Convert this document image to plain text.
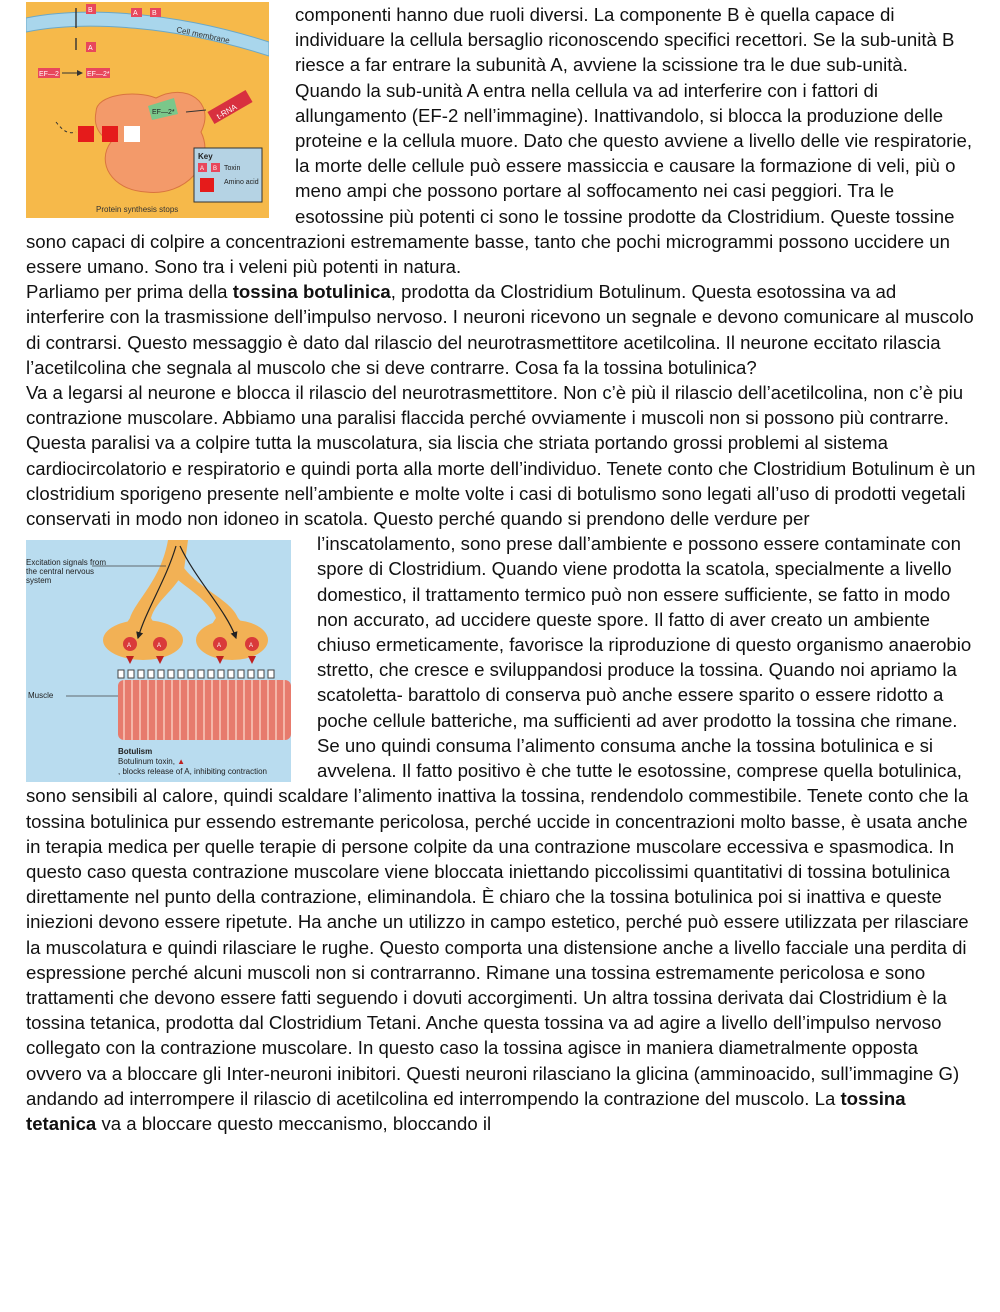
Cell membrane
B	A B
A
EF—2	EF—2*
EF—2*	t-RNA
Key
A B Toxin
Amino acid
Protein synthesis stops

componenti hanno due ruoli diversi. La componente B è quella capace di individuare la cellula bersaglio riconoscendo specifici recettori. Se la sub-unità B riesce a far entrare la subunità A, avviene la scissione tra le due sub-unità. Quando la sub-unità A entra nella cellula va ad interferire con i fattori di allungamento (EF-2 nell’immagine). Inattivandolo, si blocca la produzione delle proteine e la cellula muore. Dato che questo avviene a livello delle vie respiratorie, la morte delle cellule può essere massiccia e causare la formazione di veli, più o meno ampi che possono portare al soffocamento nei casi peggiori. Tra le esotossine più potenti ci sono le tossine prodotte da Clostridium. Queste tossine sono capaci di colpire a concentrazioni estremamente basse, tanto che pochi microgrammi possono uccidere un essere umano. Sono tra i veleni più potenti in natura.

Parliamo per prima della tossina botulinica, prodotta da Clostridium Botulinum. Questa esotossina va ad interferire con la trasmissione dell’impulso nervoso. I neuroni ricevono un segnale e devono comunicare al muscolo di contrarsi. Questo messaggio è dato dal rilascio del neurotrasmettitore acetilcolina. Il neurone eccitato rilascia l’acetilcolina che segnala al muscolo che si deve contrarre. Cosa fa la tossina botulinica?

Va a legarsi al neurone e blocca il rilascio del neurotrasmettitore. Non c’è più il rilascio dell’acetilcolina, non c’è piu contrazione muscolare. Abbiamo una paralisi flaccida perché ovviamente i muscoli non si possono più contrarre. Questa paralisi va a colpire tutta la muscolatura, sia liscia che striata portando grossi problemi al sistema cardiocircolatorio e respiratorio e quindi porta alla morte dell’individuo. Tenete conto che Clostridium Botulinum è un clostridium sporigeno presente nell’ambiente e molte volte i casi di botulismo sono legati all’uso di prodotti vegetali conservati in modo non idoneo in scatola. Questo perché quando si prendono delle verdure per

A	A	A	A
Muscle
Excitation signals from the central nervous system
Botulism
Botulinum toxin, ▲
, blocks release of A, inhibiting contraction

l’inscatolamento, sono prese dall’ambiente e possono essere contaminate con spore di Clostridium. Quando viene prodotta la scatola, specialmente a livello domestico, il trattamento termico può non essere sufficiente, se fatto in modo non accurato, ad uccidere queste spore. Il fatto di aver creato un ambiente chiuso ermeticamente, favorisce la riproduzione di questo organismo anaerobio stretto, che cresce e sviluppandosi produce la tossina. Quando noi apriamo la scatoletta- barattolo di conserva può anche essere sparito o essere ridotto a poche cellule batteriche, ma sufficienti ad aver prodotto la tossina che rimane. Se uno quindi consuma l’alimento consuma anche la tossina botulinica e si avvelena. Il fatto positivo è che tutte le esotossine, comprese quella botulinica, sono sensibili al calore, quindi scaldare l’alimento inattiva la tossina, rendendolo commestibile. Tenete conto che la tossina botulinica pur essendo estremante pericolosa, perché uccide in concentrazioni molto basse, è usata anche in terapia medica per quelle terapie di persone colpite da una contrazione muscolare eccessiva e spasmodica. In questo caso questa contrazione muscolare viene bloccata iniettando piccolissimi quantitativi di tossina botulinica direttamente nel punto della contrazione, eliminandola. È chiaro che la tossina botulinica poi si inattiva e queste iniezioni devono essere ripetute. Ha anche un utilizzo in campo estetico, perché può essere utilizzata per rilasciare la muscolatura e quindi rilasciare le rughe. Questo comporta una distensione anche a livello facciale una perdita di espressione perché alcuni muscoli non si contrarranno. Rimane una tossina estremamente pericolosa e sono trattamenti che devono essere fatti seguendo i dovuti accorgimenti. Un altra tossina derivata dai Clostridium è la tossina tetanica, prodotta dal Clostridium Tetani. Anche questa tossina va ad agire a livello dell’impulso nervoso collegato con la contrazione muscolare. In questo caso la tossina agisce in maniera diametralmente opposta ovvero va a bloccare gli Inter-neuroni inibitori. Questi neuroni rilasciano la glicina (amminoacido, sull’immagine G) andando ad interrompere il rilascio di acetilcolina ed interrompendo la contrazione del muscolo. La tossina tetanica va a bloccare questo meccanismo, bloccando il
